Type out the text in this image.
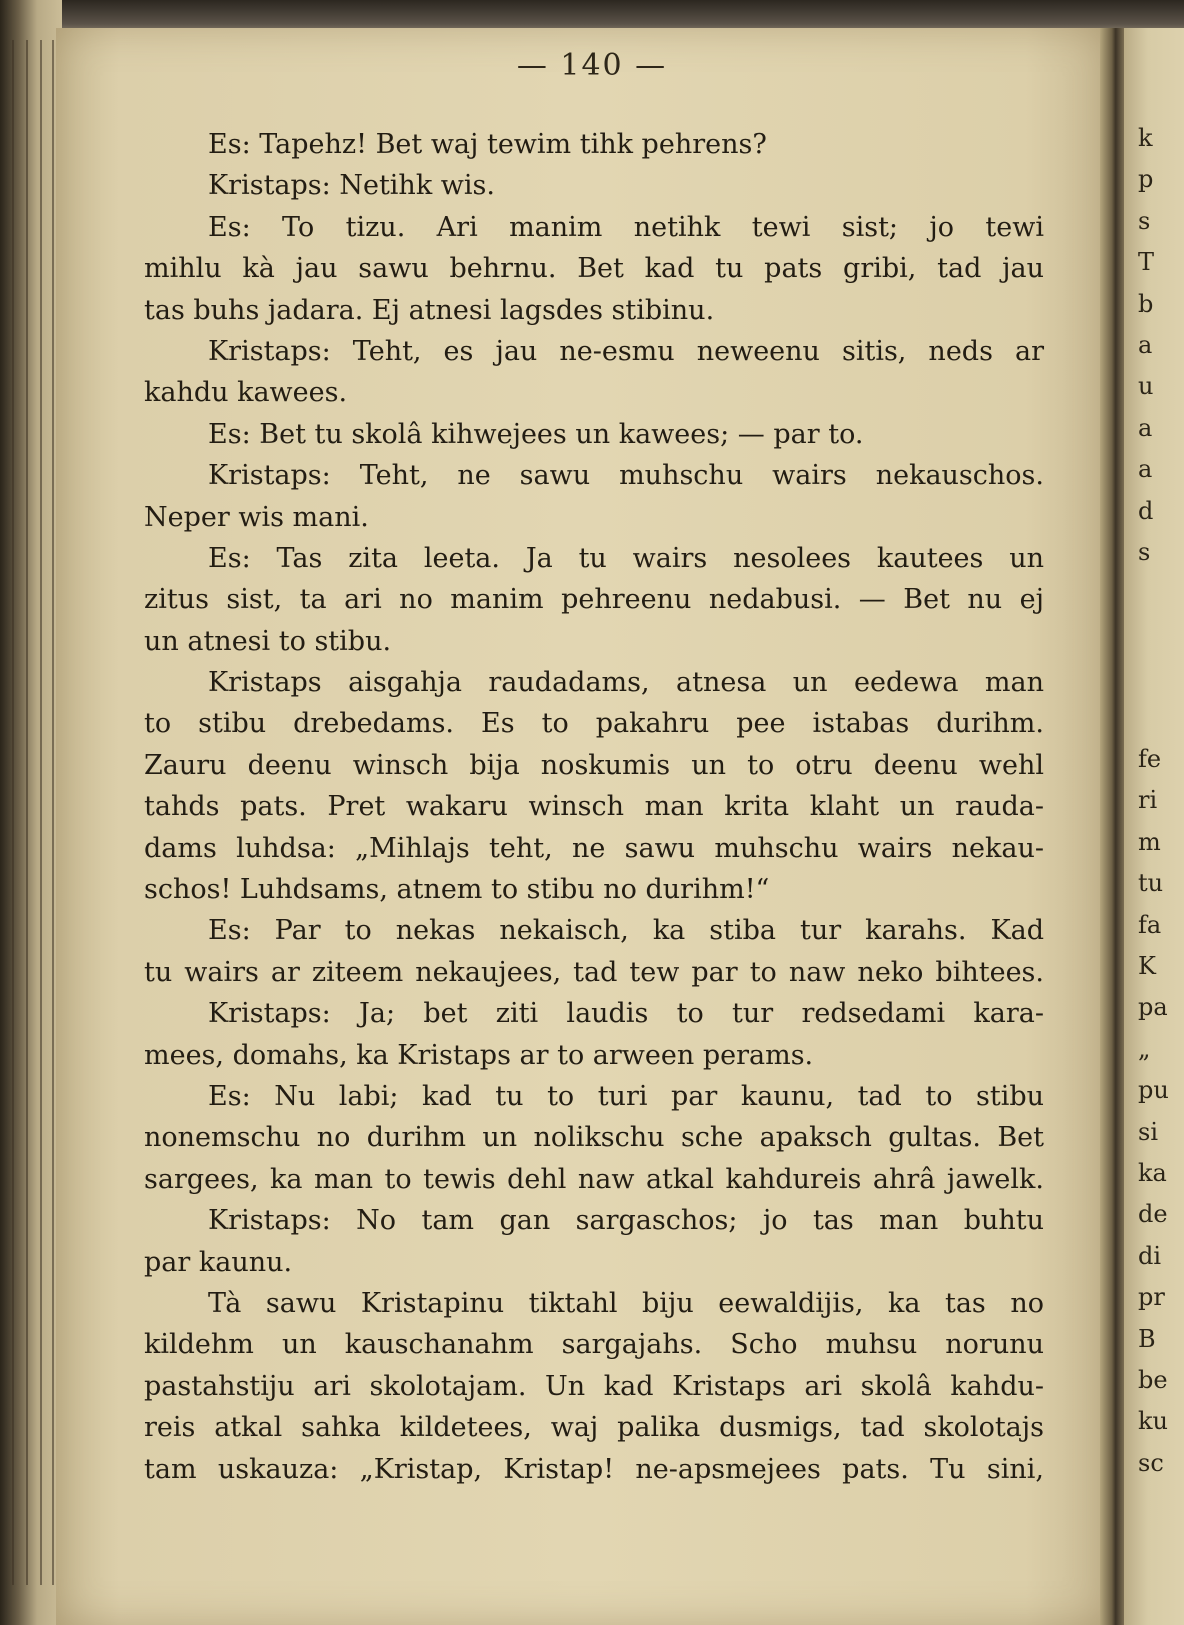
— 140 —
Es: Tapehz! Bet waj tewim tihk pehrens?
Kristaps: Netihk wis.
Es: To tizu. Ari manim netihk tewi sist; jo tewi
mihlu kà jau sawu behrnu. Bet kad tu pats gribi, tad jau
tas buhs jadara. Ej atnesi lagsdes stibinu.
Kristaps: Teht, es jau ne-esmu neweenu sitis, neds ar
kahdu kawees.
Es: Bet tu skolâ kihwejees un kawees; — par to.
Kristaps: Teht, ne sawu muhschu wairs nekauschos.
Neper wis mani.
Es: Tas zita leeta. Ja tu wairs nesolees kautees un
zitus sist, ta ari no manim pehreenu nedabusi. — Bet nu ej
un atnesi to stibu.
Kristaps aisgahja raudadams, atnesa un eedewa man
to stibu drebedams. Es to pakahru pee istabas durihm.
Zauru deenu winsch bija noskumis un to otru deenu wehl
tahds pats. Pret wakaru winsch man krita klaht un rauda-
dams luhdsa: „Mihlajs teht, ne sawu muhschu wairs nekau-
schos! Luhdsams, atnem to stibu no durihm!“
Es: Par to nekas nekaisch, ka stiba tur karahs. Kad
tu wairs ar ziteem nekaujees, tad tew par to naw neko bihtees.
Kristaps: Ja; bet ziti laudis to tur redsedami kara-
mees, domahs, ka Kristaps ar to arween perams.
Es: Nu labi; kad tu to turi par kaunu, tad to stibu
nonemschu no durihm un nolikschu sche apaksch gultas. Bet
sargees, ka man to tewis dehl naw atkal kahdureis ahrâ jawelk.
Kristaps: No tam gan sargaschos; jo tas man buhtu
par kaunu.
Tà sawu Kristapinu tiktahl biju eewaldijis, ka tas no
kildehm un kauschanahm sargajahs. Scho muhsu norunu
pastahstiju ari skolotajam. Un kad Kristaps ari skolâ kahdu-
reis atkal sahka kildetees, waj palika dusmigs, tad skolotajs
tam uskauza: „Kristap, Kristap! ne-apsmejees pats. Tu sini,
k
p
s
T
b
a
u
a
a
d
s
fe
ri
m
tu
fa
K
pa
„
pu
si
ka
de
di
pr
B
be
ku
sc
